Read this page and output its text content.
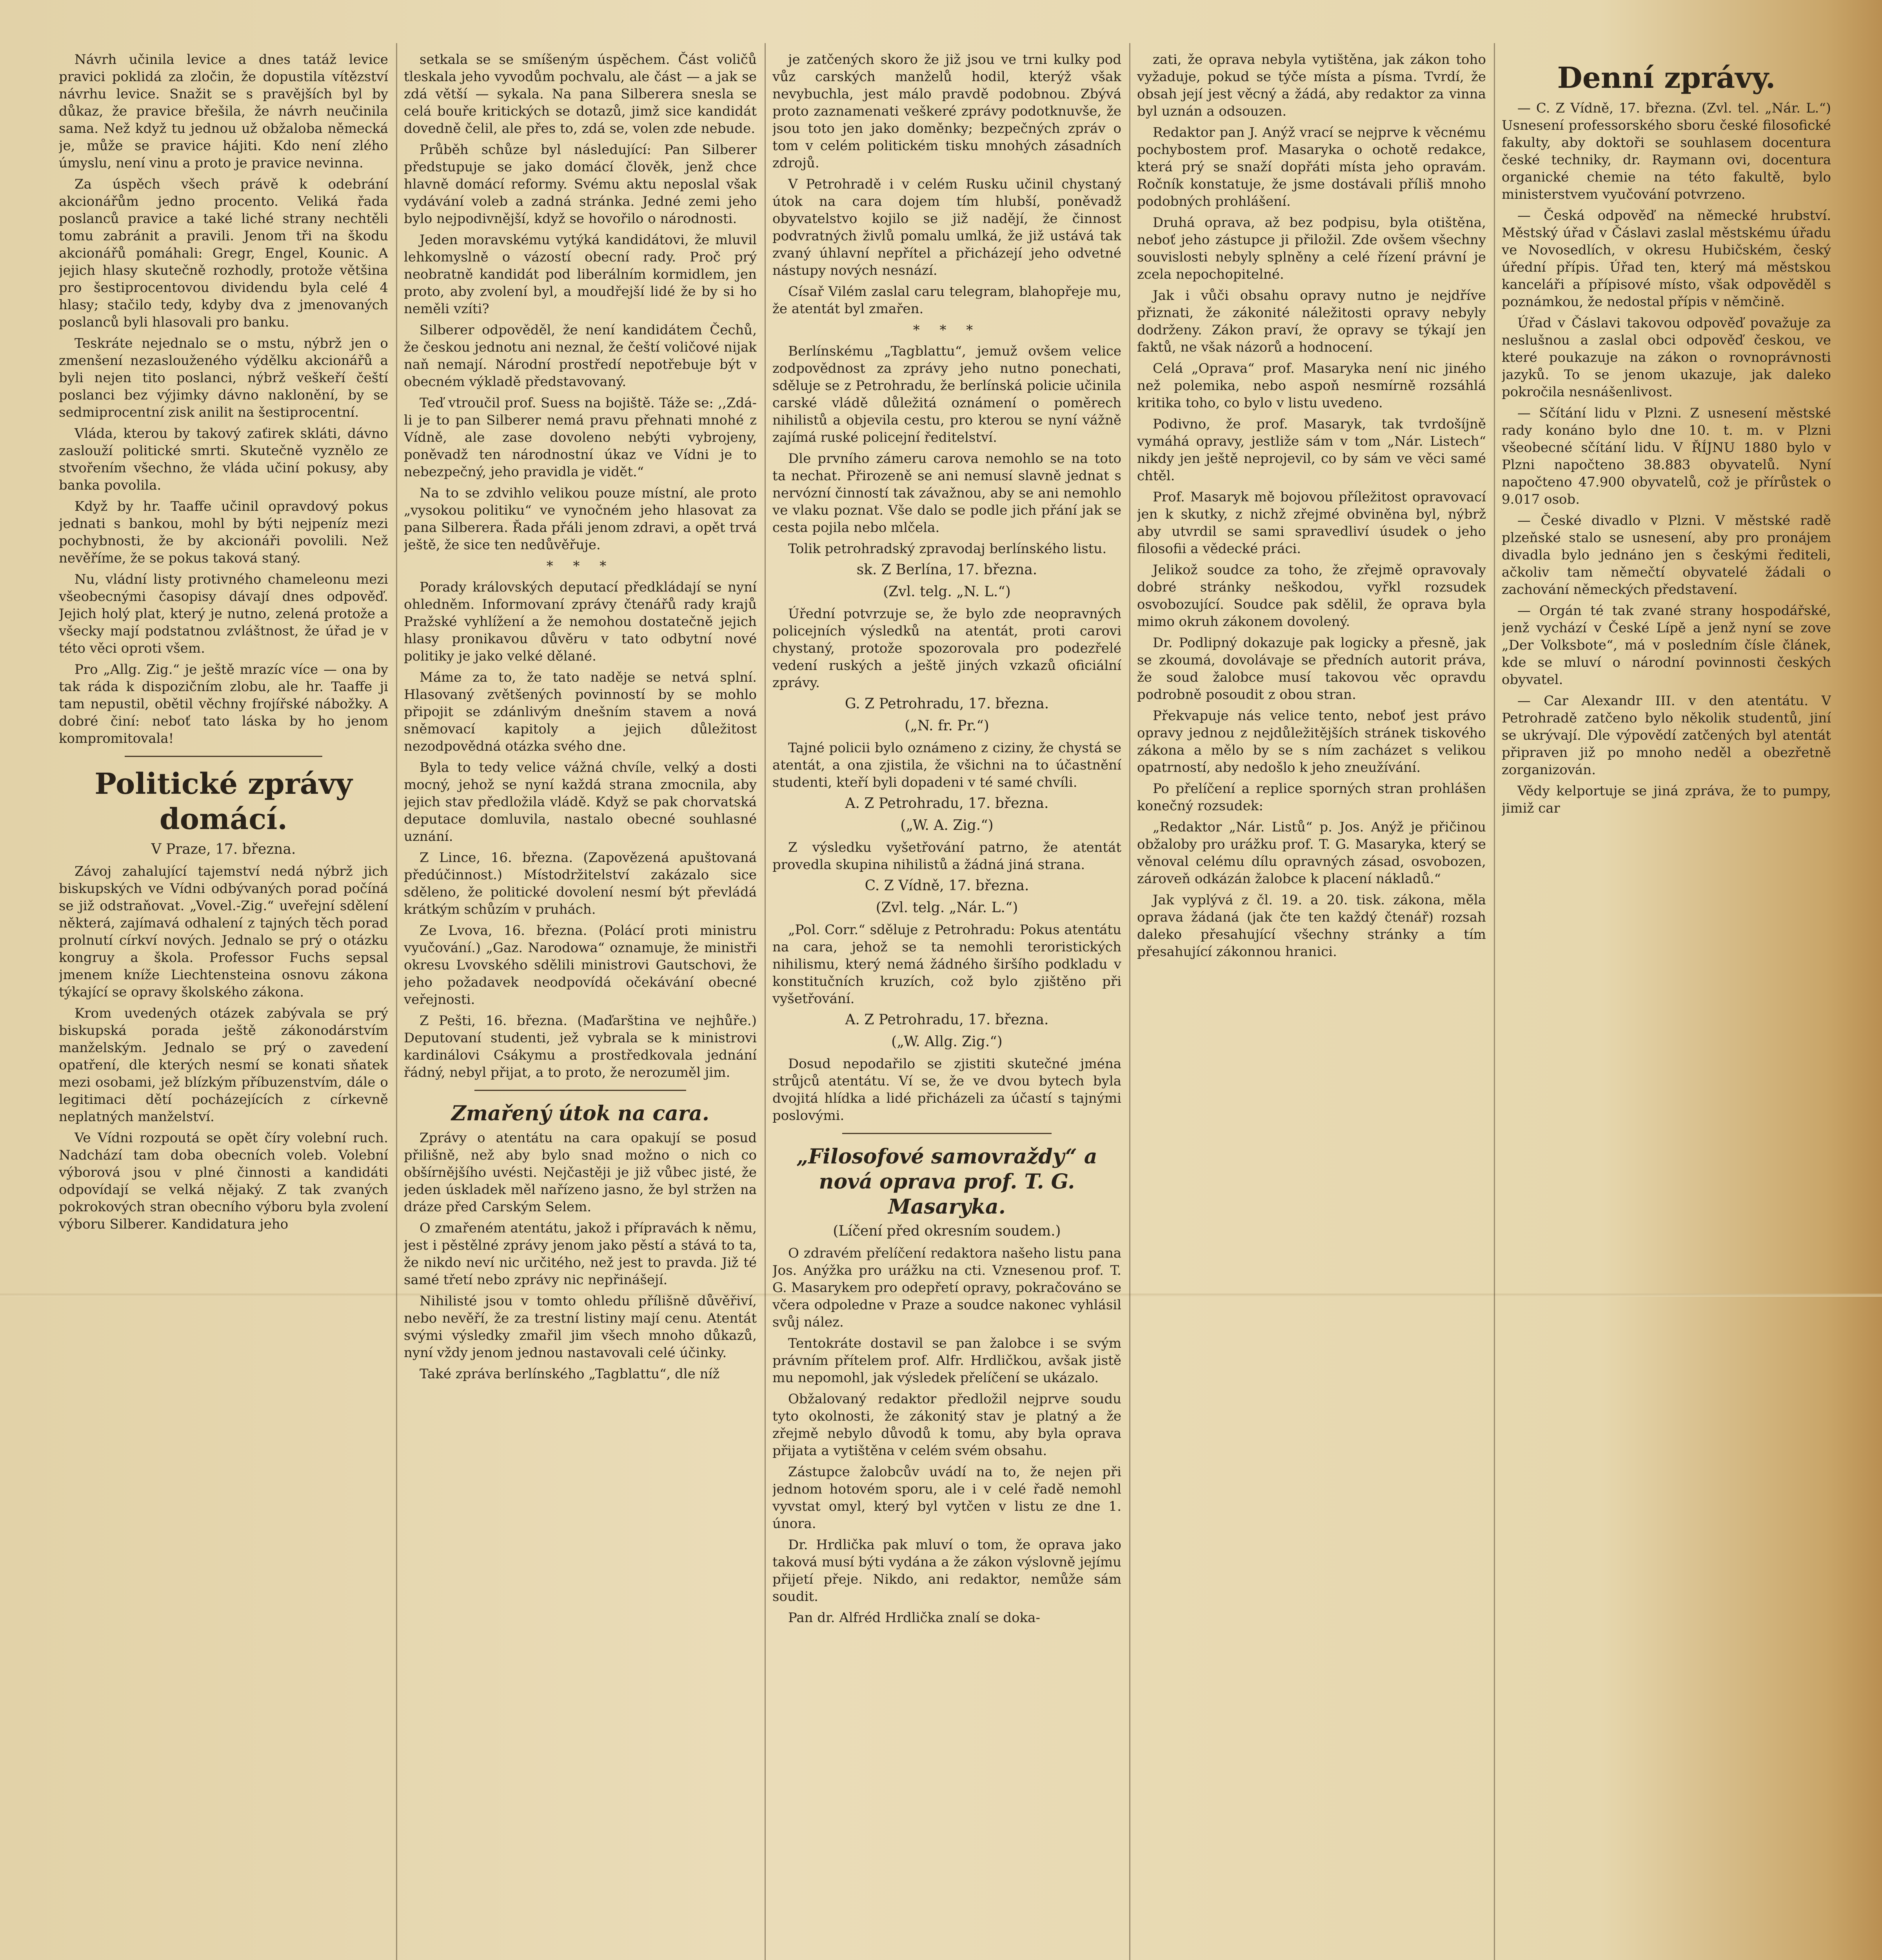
Návrh učinila levice a dnes tatáž levice pravici poklidá za zločin, že dopustila vítězství návrhu levice. Snažit se s pravějších byl by důkaz, že pravice břešila, že návrh neučinila sama. Než když tu jednou už obžaloba německá je, může se pravice hájiti. Kdo není zlého úmyslu, není vinu a proto je pravice nevinna.

Za úspěch všech právě k odebrání akcionářům jedno procento. Veliká řada poslanců pravice a také liché strany nechtěli tomu zabránit a pravili. Jenom tři na škodu akcionářů pomáhali: Gregr, Engel, Kounic. A jejich hlasy skutečně rozhodly, protože většina pro šestiprocentovou dividendu byla celé 4 hlasy; stačilo tedy, kdyby dva z jmenovaných poslanců byli hlasovali pro banku.

Teskráte nejednalo se o mstu, nýbrž jen o zmenšení nezaslouženého výdělku akcionářů a byli nejen tito poslanci, nýbrž veškeří čeští poslanci bez výjimky dávno naklonění, by se sedmiprocentní zisk anilit na šestiprocentní.

Vláda, kterou by takový zaťirek skláti, dávno zaslouží politické smrti. Skutečně vyznělo ze stvořením všechno, že vláda učiní pokusy, aby banka povolila.

Když by hr. Taaffe učinil opravdový pokus jednati s bankou, mohl by býti nejpeníz mezi pochybnosti, že by akcionáři povolili. Než nevěříme, že se pokus taková staný.

Nu, vládní listy protivného chameleonu mezi všeobecnými časopisy dávají dnes odpověď. Jejich holý plat, který je nutno, zelená protože a všecky mají podstatnou zvláštnost, že úřad je v této věci oproti všem.

Pro „Allg. Zig.“ je ještě mrazíc více — ona by tak ráda k dispozičním zlobu, ale hr. Taaffe ji tam nepustil, obětil věchny frojířské nábožky. A dobré činí: neboť tato láska by ho jenom kompromitovala!

Politické zprávy domácí.
V Praze, 17. března.

Závoj zahalující tajemství nedá nýbrž jich biskupských ve Vídni odbývaných porad počíná se již odstraňovat. „Vovel.-Zig.“ uveřejní sdělení některá, zajímavá odhalení z tajných těch porad prolnutí církví nových. Jednalo se prý o otázku kongruy a škola. Professor Fuchs sepsal jmenem kníže Liechtensteina osnovu zákona týkající se opravy školského zákona.

Krom uvedených otázek zabývala se prý biskupská porada ještě zákonodárstvím manželským. Jednalo se prý o zavedení opatření, dle kterých nesmí se konati sňatek mezi osobami, jež blízkým příbuzenstvím, dále o legitimaci dětí pocházejících z církevně neplatných manželství.

Ve Vídni rozpoutá se opět číry volební ruch. Nadchází tam doba obecních voleb. Volební výborová jsou v plné činnosti a kandidáti odpovídají se velká nějaký. Z tak zvaných pokrokových stran obecního výboru byla zvolení výboru Silberer. Kandidatura jeho

setkala se se smíšeným úspěchem. Část voličů tleskala jeho vyvodům pochvalu, ale část — a jak se zdá větší — sykala. Na pana Silberera snesla se celá bouře kritických se dotazů, jimž sice kandidát dovedně čelil, ale přes to, zdá se, volen zde nebude.

Průběh schůze byl následující: Pan Silberer předstupuje se jako domácí člověk, jenž chce hlavně domácí reformy. Svému aktu neposlal však vydávání voleb a zadná stránka. Jedné zemi jeho bylo nejpodivnější, když se hovořilo o národnosti.

Jeden moravskému vytýká kandidátovi, že mluvil lehkomyslně o vázostí obecní rady. Proč prý neobratně kandidát pod liberálním kormidlem, jen proto, aby zvolení byl, a moudřejší lidé že by si ho neměli vzíti?

Silberer odpověděl, že není kandidátem Čechů, že českou jednotu ani neznal, že čeští voličové nijak naň nemají. Národní prostředí nepotřebuje být v obecném výkladě představovaný.

Teď vtroučil prof. Suess na bojiště. Táže se: ,,Zdá-li je to pan Silberer nemá pravu přehnati mnohé z Vídně, ale zase dovoleno nebýti vybrojeny, poněvadž ten národnostní úkaz ve Vídni je to nebezpečný, jeho pravidla je vidět.“

Na to se zdvihlo velikou pouze místní, ale proto „vysokou politiku“ ve vynočném jeho hlasovat za pana Silberera. Řada přáli jenom zdravi, a opět trvá ještě, že sice ten nedůvěřuje.

* * *

Porady královských deputací předkládají se nyní ohledněm. Informovaní zprávy čtenářů rady krajů Pražské vyhlížení a že nemohou dostatečně jejich hlasy pronikavou důvěru v tato odbytní nové politiky je jako velké dělané.

Máme za to, že tato naděje se netvá splní. Hlasovaný zvětšených povinností by se mohlo připojit se zdánlivým dnešním stavem a nová sněmovací kapitoly a jejich důležitost nezodpovědná otázka svého dne.

Byla to tedy velice vážná chvíle, velký a dosti mocný, jehož se nyní každá strana zmocnila, aby jejich stav předložila vládě. Když se pak chorvatská deputace domluvila, nastalo obecné souhlasné uznání.

Z Lince, 16. března. (Zapovězená apuštovaná předúčinnost.) Místodržitelství zakázalo sice sděleno, že politické dovolení nesmí být převládá krátkým schůzím v pruhách.

Ze Lvova, 16. března. (Polácí proti ministru vyučování.) „Gaz. Narodowa“ oznamuje, že ministři okresu Lvovského sdělili ministrovi Gautschovi, že jeho požadavek neodpovídá očekávání obecné veřejnosti.

Z Pešti, 16. března. (Maďarština ve nejhůře.) Deputovaní studenti, jež vybrala se k ministrovi kardinálovi Csákymu a prostředkovala jednání řádný, nebyl přijat, a to proto, že nerozuměl jim.

Zmařený útok na cara.

Zprávy o atentátu na cara opakují se posud přilišně, než aby bylo snad možno o nich co obšírnějšího uvésti. Nejčastěji je již vůbec jisté, že jeden úskladek měl nařízeno jasno, že byl stržen na dráze před Carským Selem.

O zmařeném atentátu, jakož i přípravách k němu, jest i pěstělné zprávy jenom jako pěstí a stává to ta, že nikdo neví nic určitého, než jest to pravda. Již té samé třetí nebo zprávy nic nepřinášejí.

Nihilisté jsou v tomto ohledu přílišně důvěřiví, nebo nevěří, že za trestní listiny mají cenu. Atentát svými výsledky zmařil jim všech mnoho důkazů, nyní vždy jenom jednou nastavovali celé účinky.

Také zpráva berlínského „Tagblattu“, dle níž

je zatčených skoro že již jsou ve trni kulky pod vůz carských manželů hodil, kterýž však nevybuchla, jest málo pravdě podobnou. Zbývá proto zaznamenati veškeré zprávy podotknuvše, že jsou toto jen jako doměnky; bezpečných zpráv o tom v celém politickém tisku mnohých zásadních zdrojů.

V Petrohradě i v celém Rusku učinil chystaný útok na cara dojem tím hlubší, poněvadž obyvatelstvo kojilo se již nadějí, že činnost podvratných živlů pomalu umlká, že již ustává tak zvaný úhlavní nepřítel a přicházejí jeho odvetné nástupy nových nesnází.

Císař Vilém zaslal caru telegram, blahopřeje mu, že atentát byl zmařen.

* * *

Berlínskému „Tagblattu“, jemuž ovšem velice zodpovědnost za zprávy jeho nutno ponechati, sděluje se z Petrohradu, že berlínská policie učinila carské vládě důležitá oznámení o poměrech nihilistů a objevila cestu, pro kterou se nyní vážně zajímá ruské policejní ředitelství.

Dle prvního zámeru carova nemohlo se na toto ta nechat. Přirozeně se ani nemusí slavně jednat s nervózní činností tak závažnou, aby se ani nemohlo ve vlaku poznat. Vše dalo se podle jich přání jak se cesta pojila nebo mlčela.

Tolik petrohradský zpravodaj berlínského listu.

sk. Z Berlína, 17. března.
(Zvl. telg. „N. L.“)

Úřední potvrzuje se, že bylo zde neopravných policejních výsledků na atentát, proti carovi chystaný, protože spozorovala pro podezřelé vedení ruských a ještě jiných vzkazů oficiální zprávy.

G. Z Petrohradu, 17. března.
(„N. fr. Pr.“)

Tajné policii bylo oznámeno z ciziny, že chystá se atentát, a ona zjistila, že všichni na to účastnění studenti, kteří byli dopadeni v té samé chvíli.

A. Z Petrohradu, 17. března.
(„W. A. Zig.“)

Z výsledku vyšetřování patrno, že atentát provedla skupina nihilistů a žádná jiná strana.

C. Z Vídně, 17. března.
(Zvl. telg. „Nár. L.“)

„Pol. Corr.“ sděluje z Petrohradu: Pokus atentátu na cara, jehož se ta nemohli teroristických nihilismu, který nemá žádného širšího podkladu v konstitučních kruzích, což bylo zjištěno při vyšetřování.

A. Z Petrohradu, 17. března.
(„W. Allg. Zig.“)

Dosud nepodařilo se zjistiti skutečné jména strůjců atentátu. Ví se, že ve dvou bytech byla dvojitá hlídka a lidé přicházeli za účastí s tajnými poslovými.

„Filosofové samovraždy“ a nová oprava prof. T. G. Masaryka.
(Líčení před okresním soudem.)

O zdravém přelíčení redaktora našeho listu pana Jos. Anýžka pro urážku na cti. Vznesenou prof. T. G. Masarykem pro odepřetí opravy, pokračováno se včera odpoledne v Praze a soudce nakonec vyhlásil svůj nález.

Tentokráte dostavil se pan žalobce i se svým právním přítelem prof. Alfr. Hrdličkou, avšak jistě mu nepomohl, jak výsledek přelíčení se ukázalo.

Obžalovaný redaktor předložil nejprve soudu tyto okolnosti, že zákonitý stav je platný a že zřejmě nebylo důvodů k tomu, aby byla oprava přijata a vytištěna v celém svém obsahu.

Zástupce žalobcův uvádí na to, že nejen při jednom hotovém sporu, ale i v celé řadě nemohl vyvstat omyl, který byl vytčen v listu ze dne 1. února.

Dr. Hrdlička pak mluví o tom, že oprava jako taková musí býti vydána a že zákon výslovně jejímu přijetí přeje. Nikdo, ani redaktor, nemůže sám soudit.

Pan dr. Alfréd Hrdlička znalí se doka-

zati, že oprava nebyla vytištěna, jak zákon toho vyžaduje, pokud se týče místa a písma. Tvrdí, že obsah její jest věcný a žádá, aby redaktor za vinna byl uznán a odsouzen.

Redaktor pan J. Anýž vrací se nejprve k věcnému pochybostem prof. Masaryka o ochotě redakce, která prý se snaží dopřáti místa jeho opravám. Ročník konstatuje, že jsme dostávali příliš mnoho podobných prohlášení.

Druhá oprava, až bez podpisu, byla otištěna, neboť jeho zástupce ji přiložil. Zde ovšem všechny souvislosti nebyly splněny a celé řízení právní je zcela nepochopitelné.

Jak i vůči obsahu opravy nutno je nejdříve přiznati, že zákonité náležitosti opravy nebyly dodrženy. Zákon praví, že opravy se týkají jen faktů, ne však názorů a hodnocení.

Celá „Oprava“ prof. Masaryka není nic jiného než polemika, nebo aspoň nesmírně rozsáhlá kritika toho, co bylo v listu uvedeno.

Podivno, že prof. Masaryk, tak tvrdošíjně vymáhá opravy, jestliže sám v tom „Nár. Listech“ nikdy jen ještě neprojevil, co by sám ve věci samé chtěl.

Prof. Masaryk mě bojovou příležitost opravovací jen k skutky, z nichž zřejmé obviněna byl, nýbrž aby utvrdil se sami spravedliví úsudek o jeho filosofii a vědecké práci.

Jelikož soudce za toho, že zřejmě opravovaly dobré stránky neškodou, vyřkl rozsudek osvobozující. Soudce pak sdělil, že oprava byla mimo okruh zákonem dovolený.

Dr. Podlipný dokazuje pak logicky a přesně, jak se zkoumá, dovolávaje se předních autorit práva, že soud žalobce musí takovou věc opravdu podrobně posoudit z obou stran.

Překvapuje nás velice tento, neboť jest právo opravy jednou z nejdůležitějších stránek tiskového zákona a mělo by se s ním zacházet s velikou opatrností, aby nedošlo k jeho zneužívání.

Po přelíčení a replice sporných stran prohlášen konečný rozsudek:

„Redaktor „Nár. Listů“ p. Jos. Anýž je přičinou obžaloby pro urážku prof. T. G. Masaryka, který se věnoval celému dílu opravných zásad, osvobozen, zároveň odkázán žalobce k placení nákladů.“

Jak vyplývá z čl. 19. a 20. tisk. zákona, měla oprava žádaná (jak čte ten každý čtenář) rozsah daleko přesahující všechny stránky a tím přesahující zákonnou hranici.

Denní zprávy.

— C. Z Vídně, 17. března. (Zvl. tel. „Nár. L.“) Usnesení professorského sboru české filosofické fakulty, aby doktoři se souhlasem docentura české techniky, dr. Raymann ovi, docentura organické chemie na této fakultě, bylo ministerstvem vyučování potvrzeno.

— Česká odpověď na německé hrubství. Městský úřad v Čáslavi zaslal městskému úřadu ve Novosedlích, v okresu Hubičském, český úřední přípis. Úřad ten, který má městskou kanceláři a přípisové místo, však odpověděl s poznámkou, že nedostal přípis v němčině.

Úřad v Čáslavi takovou odpověď považuje za neslušnou a zaslal obci odpověď českou, ve které poukazuje na zákon o rovnoprávnosti jazyků. To se jenom ukazuje, jak daleko pokročila nesnášenlivost.

— Sčítání lidu v Plzni. Z usnesení městské rady konáno bylo dne 10. t. m. v Plzni všeobecné sčítání lidu. V ŘÍJNU 1880 bylo v Plzni napočteno 38.883 obyvatelů. Nyní napočteno 47.900 obyvatelů, což je přírůstek o 9.017 osob.

— České divadlo v Plzni. V městské radě plzeňské stalo se usnesení, aby pro pronájem divadla bylo jednáno jen s českými řediteli, ačkoliv tam němečtí obyvatelé žádali o zachování německých představení.

— Orgán té tak zvané strany hospodářské, jenž vychází v České Lípě a jenž nyní se zove „Der Volksbote“, má v posledním čísle článek, kde se mluví o národní povinnosti českých obyvatel.

— Car Alexandr III. v den atentátu. V Petrohradě zatčeno bylo několik studentů, jiní se ukrývají. Dle výpovědí zatčených byl atentát připraven již po mnoho neděl a obezřetně zorganizován.

Vědy kelportuje se jiná zpráva, že to pumpy, jimiž car
